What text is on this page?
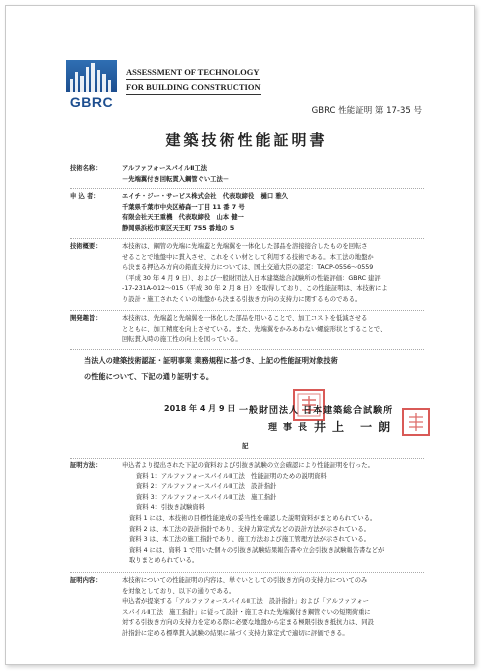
GBRC
ASSESSMENT OF TECHNOLOGY
FOR BUILDING CONSTRUCTION
GBRC 性能証明 第 17-35 号
建築技術性能証明書
技術名称：	アルファフォースパイルⅡ工法
－先端翼付き回転貫入鋼管ぐい工法－
申 込 者：	エイチ・ジー・サービス株式会社　代表取締役　樋口 雅久
千葉県千葉市中央区椿森一丁目 11 番 7 号
有限会社天王重機　代表取締役　山本 健一
静岡県浜松市東区天王町 755 番地の 5
技術概要：	本技術は、鋼管の先端に先端蓋と先端翼を一体化した部品を溶接接合したものを回転さ
せることで地盤中に貫入させ、これをくい材として利用する技術である。本工法の地盤か
ら決まる押込み方向の鉛直支持力については、国土交通大臣の認定：TACP-0556～0559
（平成 30 年 4 月 9 日）、および一般財団法人日本建築総合試験所の性能評価：GBRC 建評
-17-231A-012～015（平成 30 年 2 月 8 日）を取得しており、この性能証明は、本技術によ
り設計・施工されたくいの地盤から決まる引抜き方向の支持力に関するものである。
開発趣旨：	本技術は、先端蓋と先端翼を一体化した部品を用いることで、加工コストを低減させる
とともに、加工精度を向上させている。また、先端翼をかみあわない螺旋形状とすることで、
回転貫入時の施工性の向上を図っている。
当法人の建築技術認証・証明事業 業務規程に基づき、上記の性能証明対象技術
の性能について、下記の通り証明する。
2018 年 4 月 9 日 一般財団法人 日本建築総合試験所
理事長 井上 一朗
記
証明方法：	申込者より提出された下記の資料および引抜き試験の立会確認により性能証明を行った。
資料 1：アルファフォースパイルⅡ工法　性能証明のための説明資料
資料 2：アルファフォースパイルⅡ工法　設計指針
資料 3：アルファフォースパイルⅡ工法　施工指針
資料 4：引抜き試験資料
資料 1 には、本技術の目標性能達成の妥当性を確認した説明資料がまとめられている。
資料 2 は、本工法の設計指針であり、支持力算定式などの設計方法が示されている。
資料 3 は、本工法の施工指針であり、施工方法および施工管理方法が示されている。
資料 4 には、資料 1 で用いた個々の引抜き試験結果報告書や立会引抜き試験報告書などが
取りまとめられている。
証明内容：	本技術についての性能証明の内容は、単ぐいとしての引抜き方向の支持力についてのみ
を対象としており、以下の通りである。
申込者が提案する「アルファフォースパイルⅡ工法　設計指針」および「アルファフォー
スパイルⅡ工法　施工指針」に従って設計・施工された先端翼付き鋼管ぐいの短期荷重に
対する引抜き方向の支持力を定める際に必要な地盤から定まる極限引抜き抵抗力は、同設
計指針に定める標準貫入試験の結果に基づく支持力算定式で適切に評価できる。
